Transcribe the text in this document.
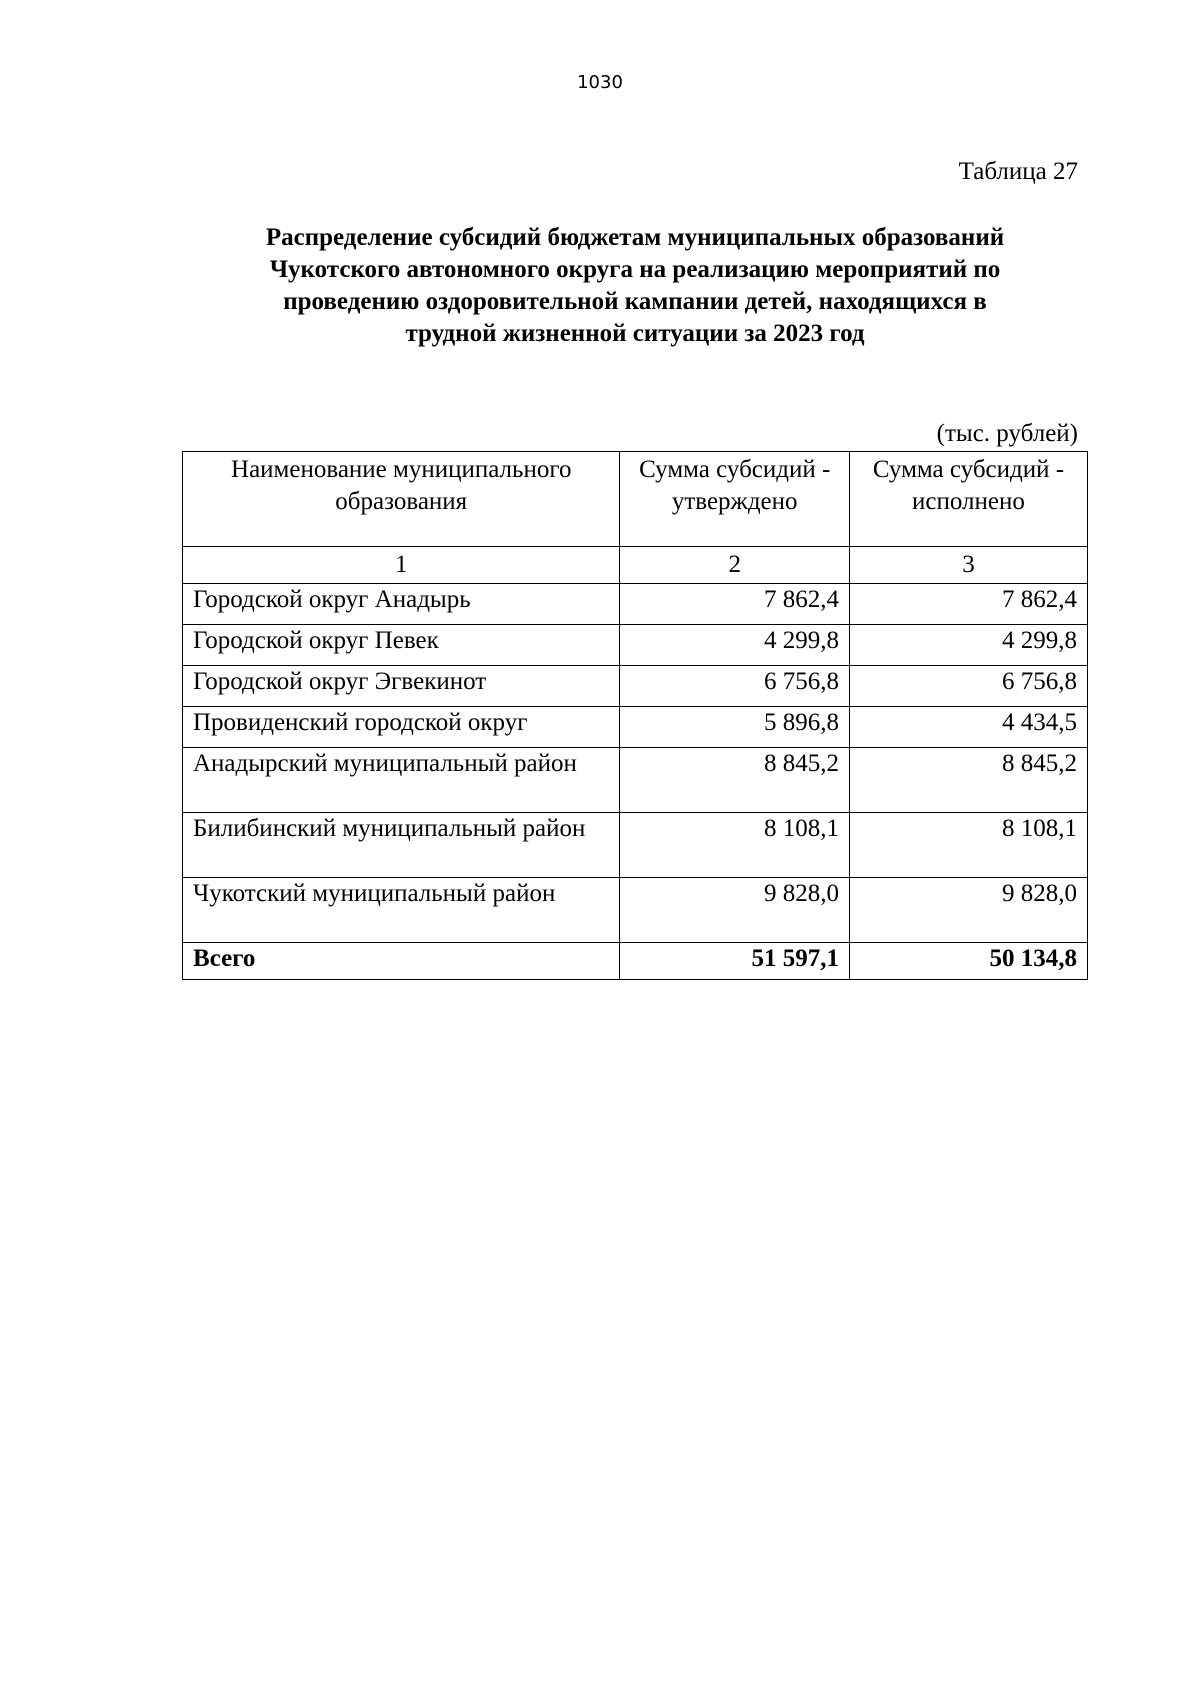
1030
Таблица 27
Распределение субсидий бюджетам муниципальных образований
Чукотского автономного округа на реализацию мероприятий по
проведению оздоровительной кампании детей, находящихся в
трудной жизненной ситуации за 2023 год
(тыс. рублей)
Наименование муниципального образования	Сумма субсидий - утверждено	Сумма субсидий - исполнено
1	2	3
Городской округ Анадырь	7 862,4	7 862,4
Городской округ Певек	4 299,8	4 299,8
Городской округ Эгвекинот	6 756,8	6 756,8
Провиденский городской округ	5 896,8	4 434,5
Анадырский муниципальный район	8 845,2	8 845,2
Билибинский муниципальный район	8 108,1	8 108,1
Чукотский муниципальный район	9 828,0	9 828,0
Всего	51 597,1	50 134,8
